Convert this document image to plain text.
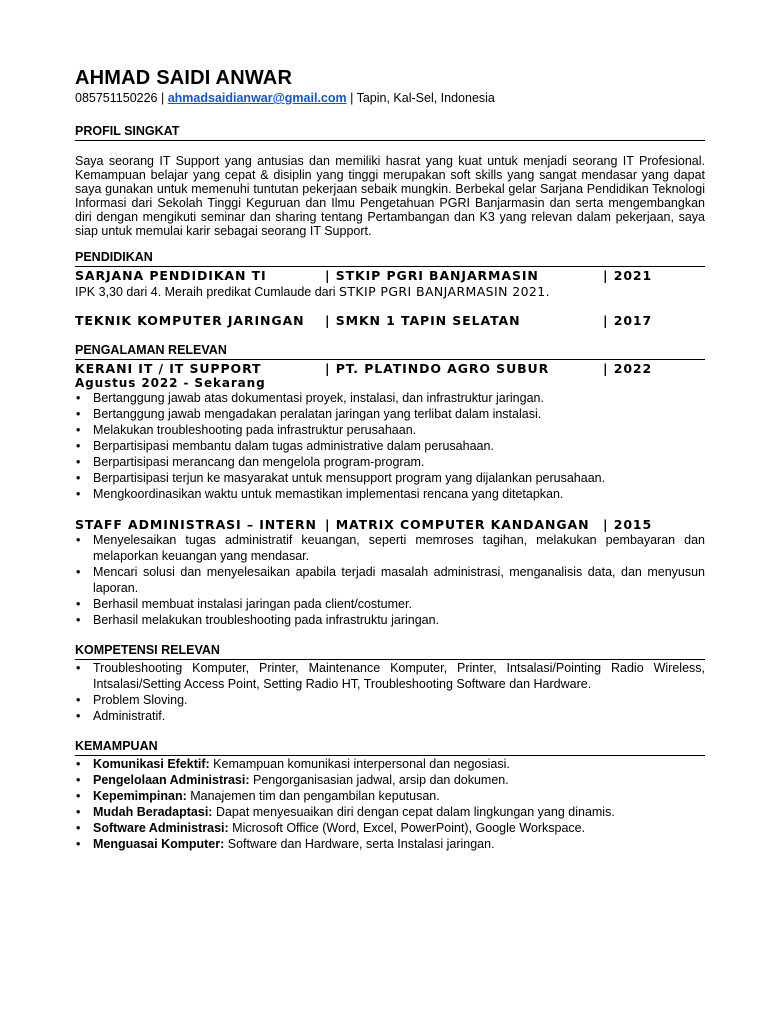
AHMAD SAIDI ANWAR
085751150226 | ahmadsaidianwar@gmail.com | Tapin, Kal-Sel, Indonesia
PROFIL SINGKAT
Saya seorang IT Support yang antusias dan memiliki hasrat yang kuat untuk menjadi seorang IT Profesional. Kemampuan belajar yang cepat & disiplin yang tinggi merupakan soft skills yang sangat mendasar yang dapat saya gunakan untuk memenuhi tuntutan pekerjaan sebaik mungkin. Berbekal gelar Sarjana Pendidikan Teknologi Informasi dari Sekolah Tinggi Keguruan dan Ilmu Pengetahuan PGRI Banjarmasin dan serta mengembangkan diri dengan mengikuti seminar dan sharing tentang Pertambangan dan K3 yang relevan dalam pekerjaan, saya siap untuk memulai karir sebagai seorang IT Support.
PENDIDIKAN
SARJANA PENDIDIKAN TI	| STKIP PGRI BANJARMASIN	| 2021
IPK 3,30 dari 4. Meraih predikat Cumlaude dari STKIP PGRI BANJARMASIN 2021.
TEKNIK KOMPUTER JARINGAN | SMKN 1 TAPIN SELATAN	| 2017
PENGALAMAN RELEVAN
KERANI IT / IT SUPPORT	| PT. PLATINDO AGRO SUBUR	| 2022
Agustus 2022 - Sekarang
• Bertanggung jawab atas dokumentasi proyek, instalasi, dan infrastruktur jaringan.
• Bertanggung jawab mengadakan peralatan jaringan yang terlibat dalam instalasi.
• Melakukan troubleshooting pada infrastruktur perusahaan.
• Berpartisipasi membantu dalam tugas administrative dalam perusahaan.
• Berpartisipasi merancang dan mengelola program-program.
• Berpartisipasi terjun ke masyarakat untuk mensupport program yang dijalankan perusahaan.
• Mengkoordinasikan waktu untuk memastikan implementasi rencana yang ditetapkan.
STAFF ADMINISTRASI – INTERN | MATRIX COMPUTER KANDANGAN | 2015
• Menyelesaikan tugas administratif keuangan, seperti memroses tagihan, melakukan pembayaran dan melaporkan keuangan yang mendasar.
• Mencari solusi dan menyelesaikan apabila terjadi masalah administrasi, menganalisis data, dan menyusun laporan.
• Berhasil membuat instalasi jaringan pada client/costumer.
• Berhasil melakukan troubleshooting pada infrastruktu jaringan.
KOMPETENSI RELEVAN
• Troubleshooting Komputer, Printer, Maintenance Komputer, Printer, Intsalasi/Pointing Radio Wireless, Intsalasi/Setting Access Point, Setting Radio HT, Troubleshooting Software dan Hardware.
• Problem Sloving.
• Administratif.
KEMAMPUAN
• Komunikasi Efektif: Kemampuan komunikasi interpersonal dan negosiasi.
• Pengelolaan Administrasi: Pengorganisasian jadwal, arsip dan dokumen.
• Kepemimpinan: Manajemen tim dan pengambilan keputusan.
• Mudah Beradaptasi: Dapat menyesuaikan diri dengan cepat dalam lingkungan yang dinamis.
• Software Administrasi: Microsoft Office (Word, Excel, PowerPoint), Google Workspace.
• Menguasai Komputer: Software dan Hardware, serta Instalasi jaringan.
